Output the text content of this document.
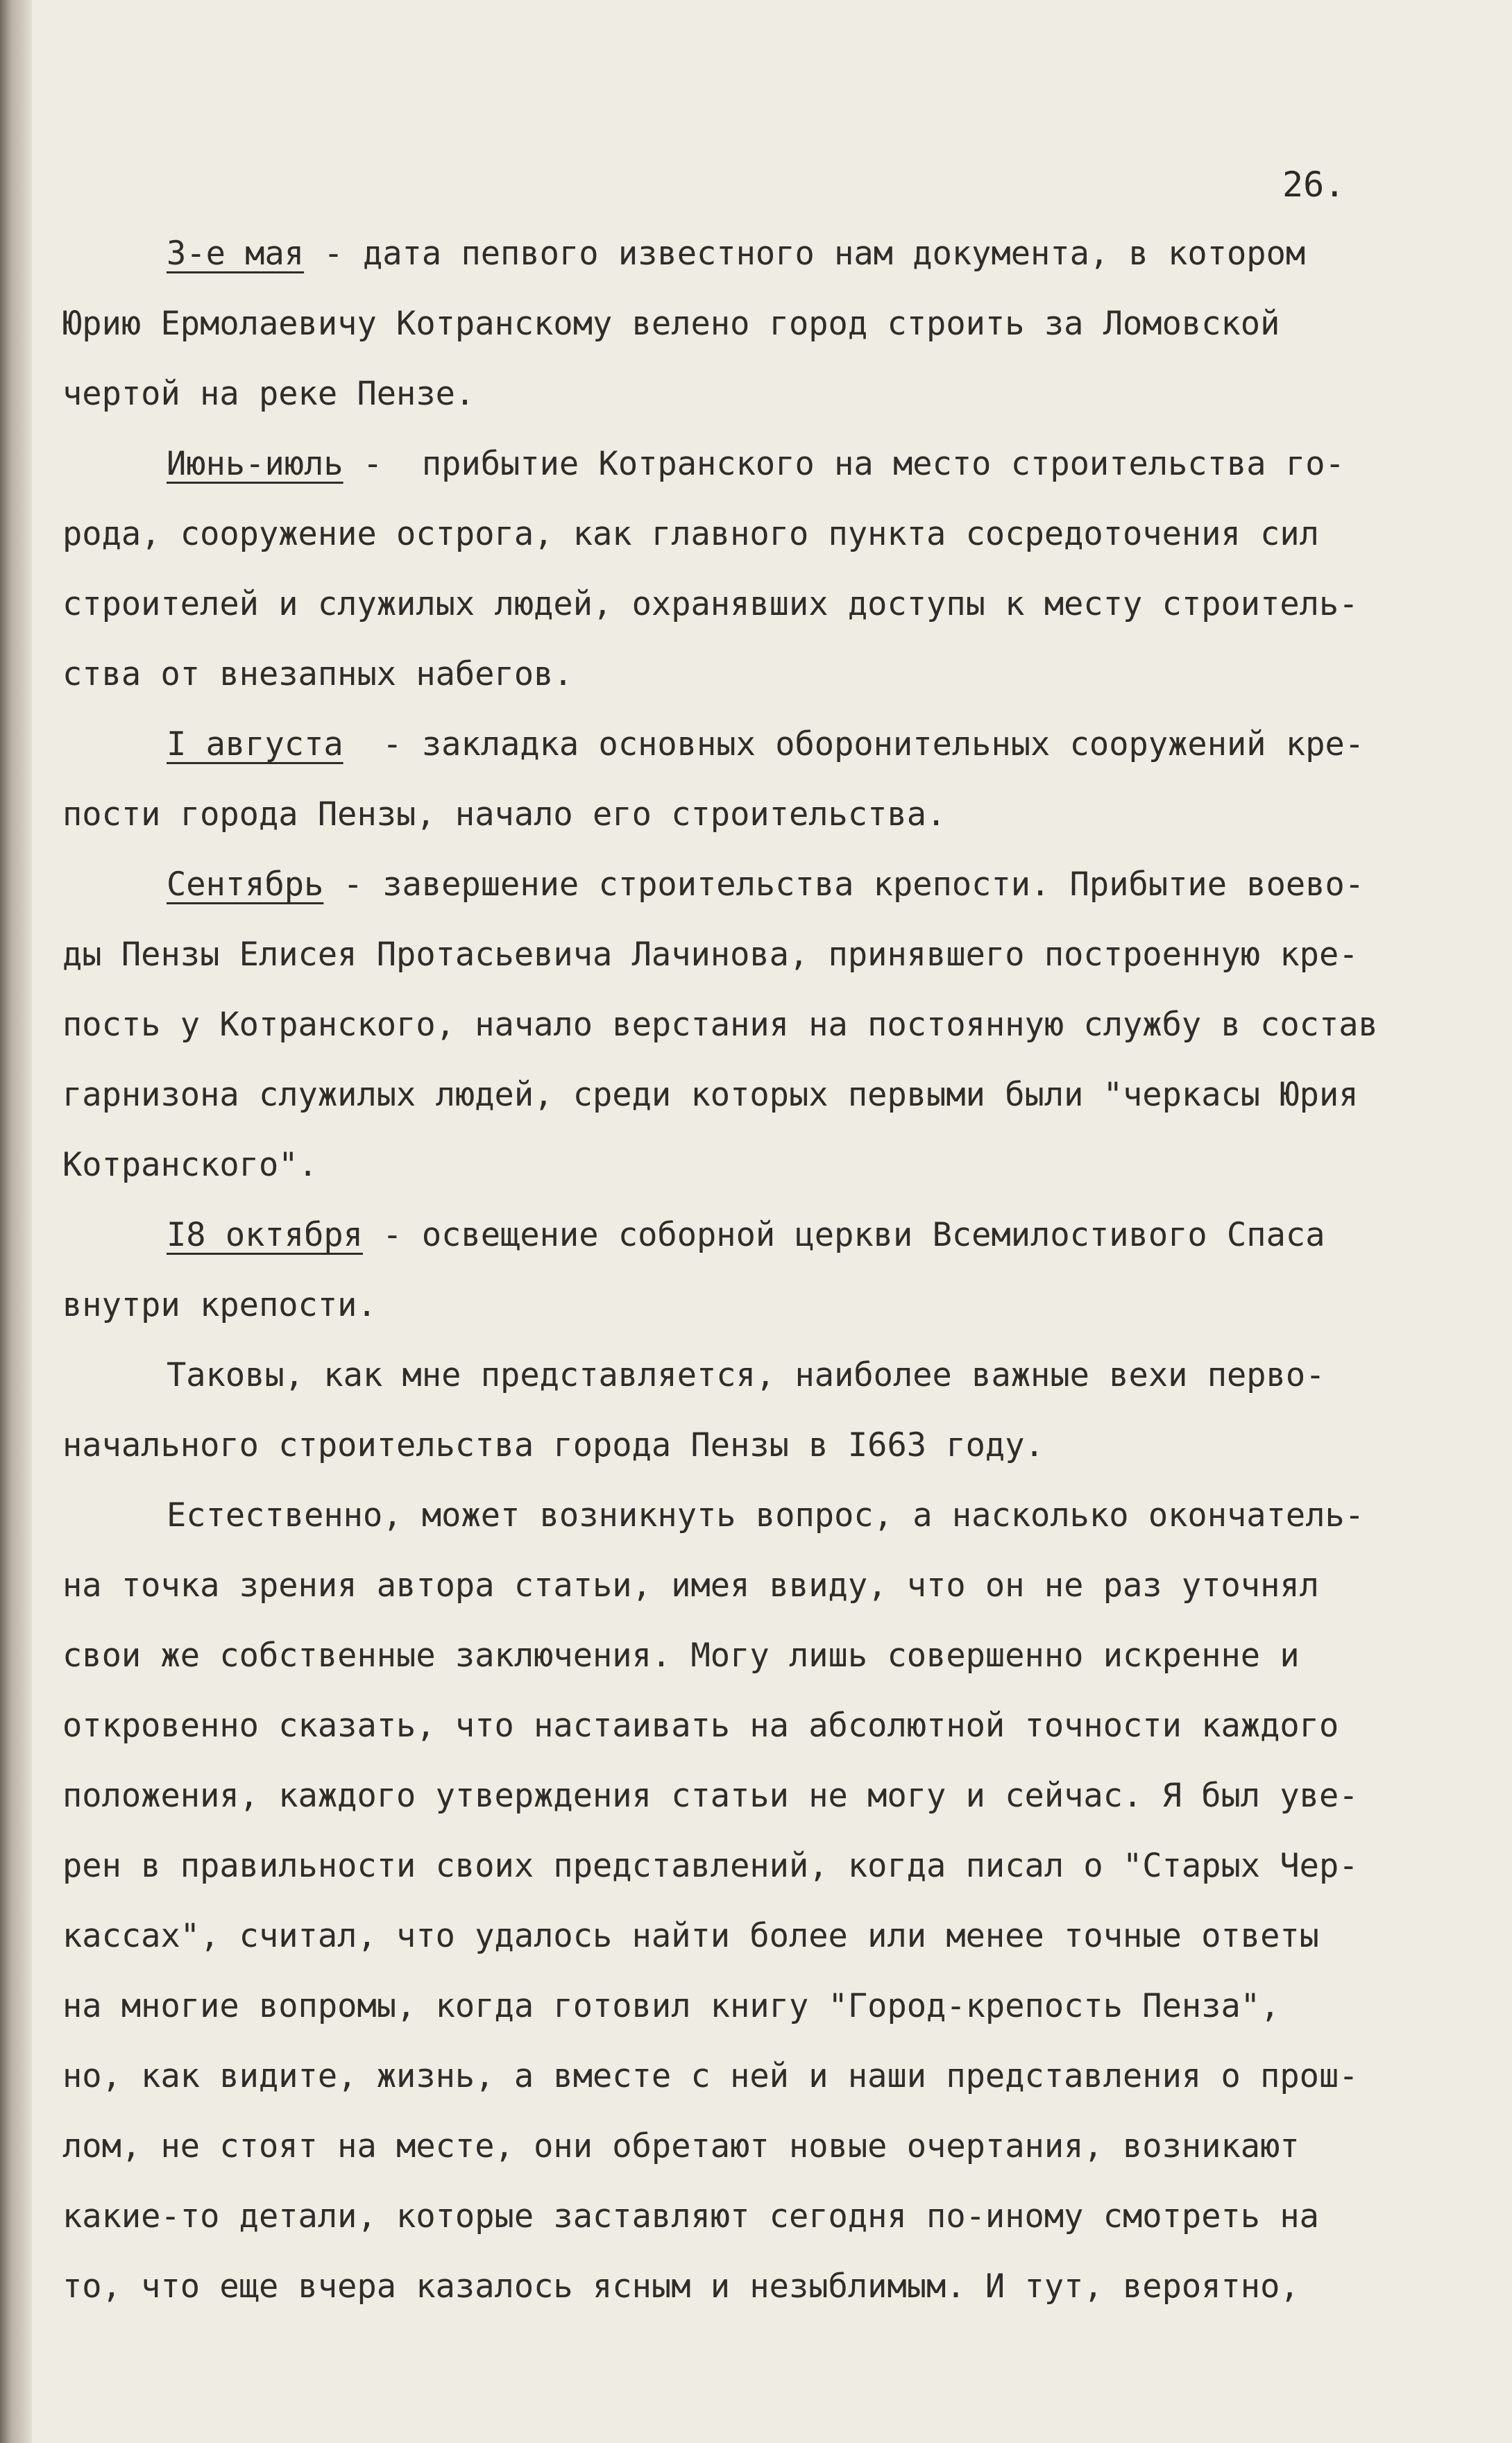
26.
3-е мая - дата пепвого известного нам документа, в котором
Юрию Ермолаевичу Котранскому велено город строить за Ломовской
чертой на реке Пензе.
Июнь-июль -  прибытие Котранского на место строительства го-
рода, сооружение острога, как главного пункта сосредоточения сил
строителей и служилых людей, охранявших доступы к месту строитель-
ства от внезапных набегов.
I августа  - закладка основных оборонительных сооружений кре-
пости города Пензы, начало его строительства.
Сентябрь - завершение строительства крепости. Прибытие воево-
ды Пензы Елисея Протасьевича Лачинова, принявшего построенную кре-
пость у Котранского, начало верстания на постоянную службу в состав
гарнизона служилых людей, среди которых первыми были "черкасы Юрия
Котранского".
I8 октября - освещение соборной церкви Всемилостивого Спаса
внутри крепости.
Таковы, как мне представляется, наиболее важные вехи перво-
начального строительства города Пензы в I663 году.
Естественно, может возникнуть вопрос, а насколько окончатель-
на точка зрения автора статьи, имея ввиду, что он не раз уточнял
свои же собственные заключения. Могу лишь совершенно искренне и
откровенно сказать, что настаивать на абсолютной точности каждого
положения, каждого утверждения статьи не могу и сейчас. Я был уве-
рен в правильности своих представлений, когда писал о "Старых Чер-
кассах", считал, что удалось найти более или менее точные ответы
на многие вопромы, когда готовил книгу "Город-крепость Пенза",
но, как видите, жизнь, а вместе с ней и наши представления о прош-
лом, не стоят на месте, они обретают новые очертания, возникают
какие-то детали, которые заставляют сегодня по-иному смотреть на
то, что еще вчера казалось ясным и незыблимым. И тут, вероятно,
